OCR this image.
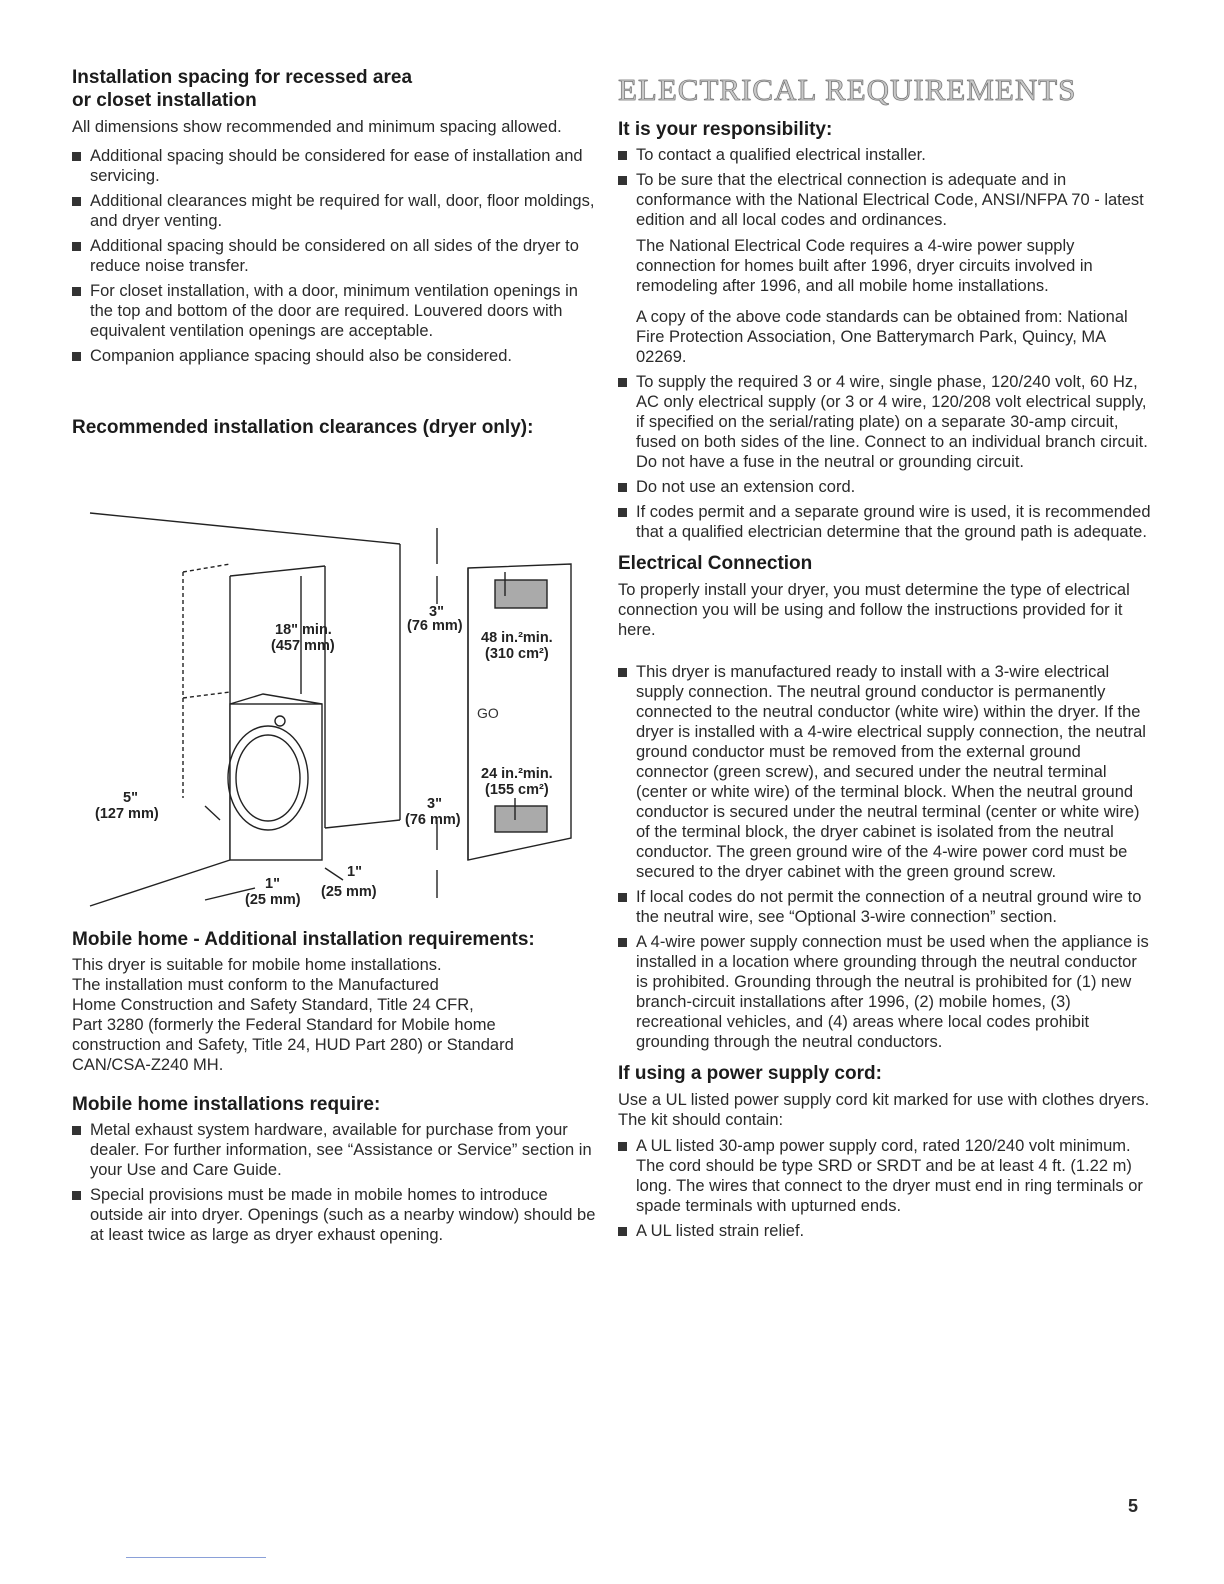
Installation spacing for recessed area
or closet installation

All dimensions show recommended and minimum spacing allowed.

Additional spacing should be considered for ease of installation and servicing.
Additional clearances might be required for wall, door, floor moldings, and dryer venting.
Additional spacing should be considered on all sides of the dryer to reduce noise transfer.
For closet installation, with a door, minimum ventilation openings in the top and bottom of the door are required. Louvered doors with equivalent ventilation openings are acceptable.
Companion appliance spacing should also be considered.
Recommended installation clearances (dryer only):
GO
18" min.
(457 mm)
5"
(127 mm)
1"
(25 mm)
1"
(25 mm)
3"
(76 mm)
3"
(76 mm)
48 in.²min.
(310 cm²)
24 in.²min.
(155 cm²)
Mobile home - Additional installation requirements:

This dryer is suitable for mobile home installations.

The installation must conform to the Manufactured

Home Construction and Safety Standard, Title 24 CFR,

Part 3280 (formerly the Federal Standard for Mobile home

construction and Safety, Title 24, HUD Part 280) or Standard

CAN/CSA-Z240 MH.

Mobile home installations require:
Metal exhaust system hardware, available for purchase from your dealer. For further information, see “Assistance or Service” section in your Use and Care Guide.
Special provisions must be made in mobile homes to introduce outside air into dryer. Openings (such as a nearby window) should be at least twice as large as dryer exhaust opening.
ELECTRICAL REQUIREMENTS
It is your responsibility:
To contact a qualified electrical installer.
To be sure that the electrical connection is adequate and in conformance with the National Electrical Code, ANSI/NFPA 70 - latest edition and all local codes and ordinances.

The National Electrical Code requires a 4-wire power supply connection for homes built after 1996, dryer circuits involved in remodeling after 1996, and all mobile home installations.

A copy of the above code standards can be obtained from: National Fire Protection Association, One Batterymarch Park, Quincy, MA 02269.

To supply the required 3 or 4 wire, single phase, 120/240 volt, 60 Hz, AC only electrical supply (or 3 or 4 wire, 120/208 volt electrical supply, if specified on the serial/rating plate) on a separate 30-amp circuit, fused on both sides of the line. Connect to an individual branch circuit. Do not have a fuse in the neutral or grounding circuit.
Do not use an extension cord.
If codes permit and a separate ground wire is used, it is recommended that a qualified electrician determine that the ground path is adequate.
Electrical Connection

To properly install your dryer, you must determine the type of electrical connection you will be using and follow the instructions provided for it here.

This dryer is manufactured ready to install with a 3-wire electrical supply connection. The neutral ground conductor is permanently connected to the neutral conductor (white wire) within the dryer. If the dryer is installed with a 4-wire electrical supply connection, the neutral ground conductor must be removed from the external ground connector (green screw), and secured under the neutral terminal (center or white wire) of the terminal block. When the neutral ground conductor is secured under the neutral terminal (center or white wire) of the terminal block, the dryer cabinet is isolated from the neutral conductor. The green ground wire of the 4-wire power cord must be secured to the dryer cabinet with the green ground screw.
If local codes do not permit the connection of a neutral ground wire to the neutral wire, see “Optional 3-wire connection” section.
A 4-wire power supply connection must be used when the appliance is installed in a location where grounding through the neutral conductor is prohibited. Grounding through the neutral is prohibited for (1) new branch-circuit installations after 1996, (2) mobile homes, (3) recreational vehicles, and (4) areas where local codes prohibit grounding through the neutral conductors.
If using a power supply cord:

Use a UL listed power supply cord kit marked for use with clothes dryers. The kit should contain:

A UL listed 30-amp power supply cord, rated 120/240 volt minimum. The cord should be type SRD or SRDT and be at least 4 ft. (1.22 m) long. The wires that connect to the dryer must end in ring terminals or spade terminals with upturned ends.
A UL listed strain relief.
5
